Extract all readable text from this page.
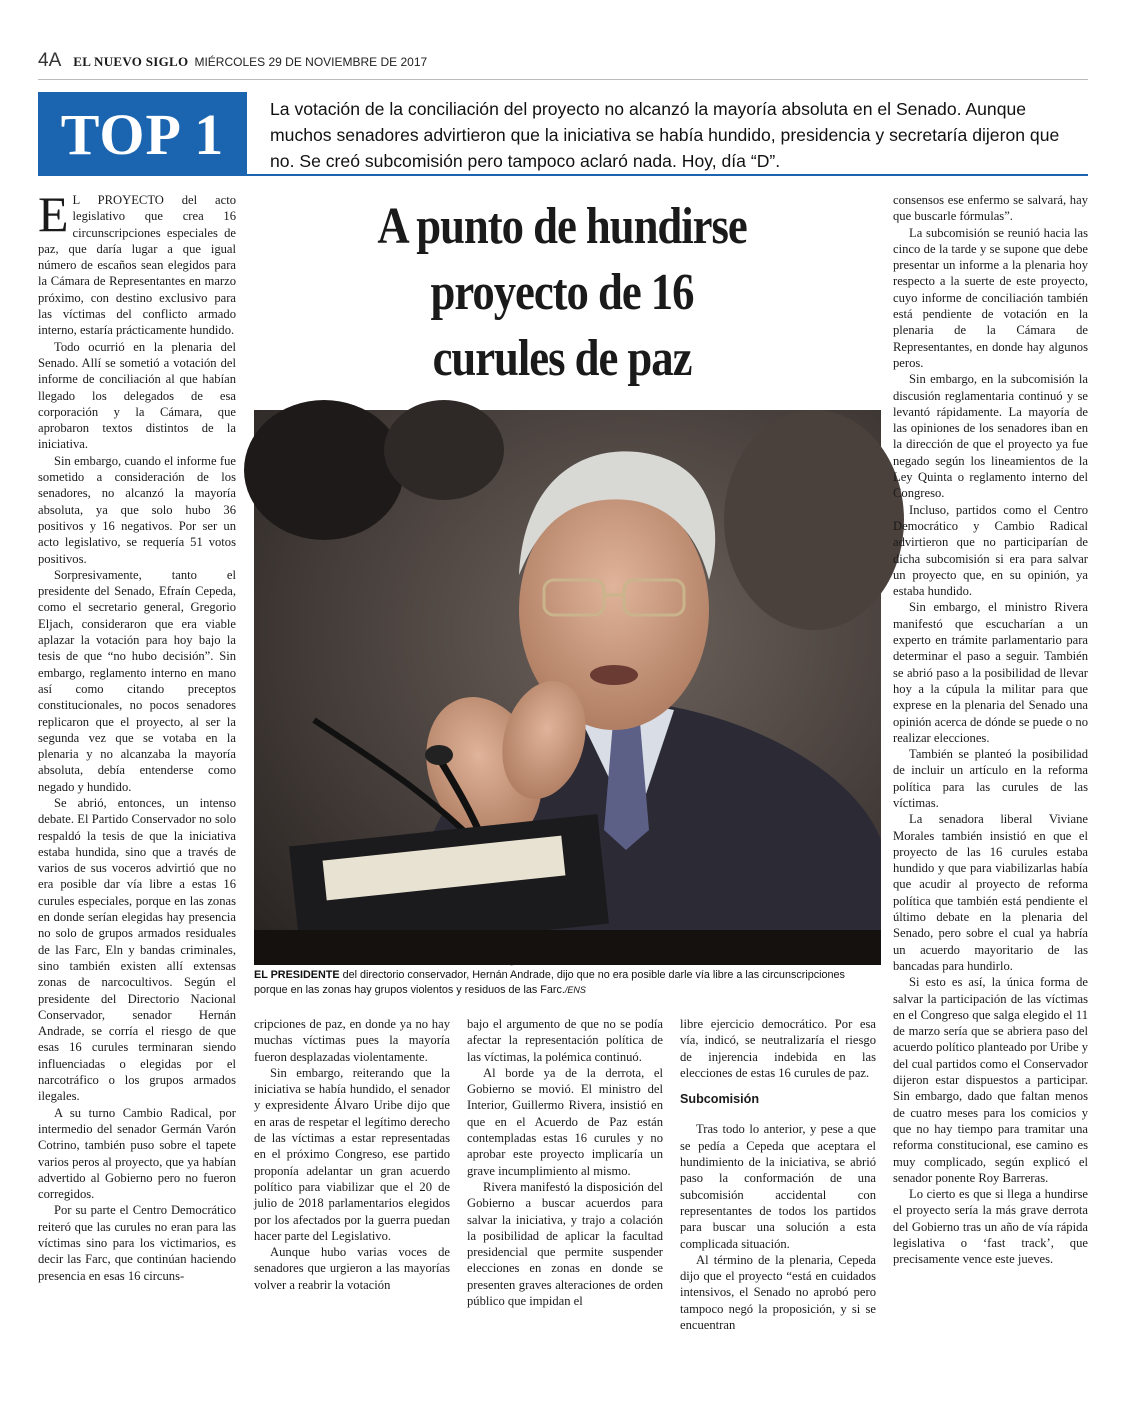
4A EL NUEVO SIGLO MIÉRCOLES 29 DE NOVIEMBRE DE 2017
TOP 1	La votación de la conciliación del proyecto no alcanzó la mayoría absoluta en el Senado. Aunque muchos senadores advirtieron que la iniciativa se había hundido, presidencia y secretaría dijeron que no. Se creó subcomisión pero tampoco aclaró nada. Hoy, día “D”.
A punto de hundirse
proyecto de 16
curules de paz

EL PRESIDENTE del directorio conservador, Hernán Andrade, dijo que no era posible darle vía libre a las circunscripciones porque en las zonas hay grupos violentos y residuos de las Farc./ENS

E L PROYECTO del acto legislativo que crea 16 circunscripciones especiales de paz, que daría lugar a que igual número de escaños sean elegidos para la Cámara de Representantes en marzo próximo, con destino exclusivo para las víctimas del conflicto armado interno, estaría prácticamente hundido.

Todo ocurrió en la plenaria del Senado. Allí se sometió a votación del informe de conciliación al que habían llegado los delegados de esa corporación y la Cámara, que aprobaron textos distintos de la iniciativa.

Sin embargo, cuando el informe fue sometido a consideración de los senadores, no alcanzó la mayoría absoluta, ya que solo hubo 36 positivos y 16 negativos. Por ser un acto legislativo, se requería 51 votos positivos.

Sorpresivamente, tanto el presidente del Senado, Efraín Cepeda, como el secretario general, Gregorio Eljach, consideraron que era viable aplazar la votación para hoy bajo la tesis de que “no hubo decisión”. Sin embargo, reglamento interno en mano así como citando preceptos constitucionales, no pocos senadores replicaron que el proyecto, al ser la segunda vez que se votaba en la plenaria y no alcanzaba la mayoría absoluta, debía entenderse como negado y hundido.

Se abrió, entonces, un intenso debate. El Partido Conservador no solo respaldó la tesis de que la iniciativa estaba hundida, sino que a través de varios de sus voceros advirtió que no era posible dar vía libre a estas 16 curules especiales, porque en las zonas en donde serían elegidas hay presencia no solo de grupos armados residuales de las Farc, Eln y bandas criminales, sino también existen allí extensas zonas de narcocultivos. Según el presidente del Directorio Nacional Conservador, senador Hernán Andrade, se corría el riesgo de que esas 16 curules terminaran siendo influenciadas o elegidas por el narcotráfico o los grupos armados ilegales.

A su turno Cambio Radical, por intermedio del senador Germán Varón Cotrino, también puso sobre el tapete varios peros al proyecto, que ya habían advertido al Gobierno pero no fueron corregidos.

Por su parte el Centro Democrático reiteró que las curules no eran para las víctimas sino para los victimarios, es decir las Farc, que continúan haciendo presencia en esas 16 circuns-

cripciones de paz, en donde ya no hay muchas víctimas pues la mayoría fueron desplazadas violentamente.

Sin embargo, reiterando que la iniciativa se había hundido, el senador y expresidente Álvaro Uribe dijo que en aras de respetar el legítimo derecho de las víctimas a estar representadas en el próximo Congreso, ese partido proponía adelantar un gran acuerdo político para viabilizar que el 20 de julio de 2018 parlamentarios elegidos por los afectados por la guerra puedan hacer parte del Legislativo.

Aunque hubo varias voces de senadores que urgieron a las mayorías volver a reabrir la votación

bajo el argumento de que no se podía afectar la representación política de las víctimas, la polémica continuó.

Al borde ya de la derrota, el Gobierno se movió. El ministro del Interior, Guillermo Rivera, insistió en que en el Acuerdo de Paz están contempladas estas 16 curules y no aprobar este proyecto implicaría un grave incumplimiento al mismo.

Rivera manifestó la disposición del Gobierno a buscar acuerdos para salvar la iniciativa, y trajo a colación la posibilidad de aplicar la facultad presidencial que permite suspender elecciones en zonas en donde se presenten graves alteraciones de orden público que impidan el

libre ejercicio democrático. Por esa vía, indicó, se neutralizaría el riesgo de injerencia indebida en las elecciones de estas 16 curules de paz.

Subcomisión

Tras todo lo anterior, y pese a que se pedía a Cepeda que aceptara el hundimiento de la iniciativa, se abrió paso la conformación de una subcomisión accidental con representantes de todos los partidos para buscar una solución a esta complicada situación.

Al término de la plenaria, Cepeda dijo que el proyecto “está en cuidados intensivos, el Senado no aprobó pero tampoco negó la proposición, y si se encuentran

consensos ese enfermo se salvará, hay que buscarle fórmulas”.

La subcomisión se reunió hacia las cinco de la tarde y se supone que debe presentar un informe a la plenaria hoy respecto a la suerte de este proyecto, cuyo informe de conciliación también está pendiente de votación en la plenaria de la Cámara de Representantes, en donde hay algunos peros.

Sin embargo, en la subcomisión la discusión reglamentaria continuó y se levantó rápidamente. La mayoría de las opiniones de los senadores iban en la dirección de que el proyecto ya fue negado según los lineamientos de la Ley Quinta o reglamento interno del Congreso.

Incluso, partidos como el Centro Democrático y Cambio Radical advirtieron que no participarían de dicha subcomisión si era para salvar un proyecto que, en su opinión, ya estaba hundido.

Sin embargo, el ministro Rivera manifestó que escucharían a un experto en trámite parlamentario para determinar el paso a seguir. También se abrió paso a la posibilidad de llevar hoy a la cúpula la militar para que exprese en la plenaria del Senado una opinión acerca de dónde se puede o no realizar elecciones.

También se planteó la posibilidad de incluir un artículo en la reforma política para las curules de las víctimas.

La senadora liberal Viviane Morales también insistió en que el proyecto de las 16 curules estaba hundido y que para viabilizarlas había que acudir al proyecto de reforma política que también está pendiente el último debate en la plenaria del Senado, pero sobre el cual ya habría un acuerdo mayoritario de las bancadas para hundirlo.

Si esto es así, la única forma de salvar la participación de las víctimas en el Congreso que salga elegido el 11 de marzo sería que se abriera paso del acuerdo político planteado por Uribe y del cual partidos como el Conservador dijeron estar dispuestos a participar. Sin embargo, dado que faltan menos de cuatro meses para los comicios y que no hay tiempo para tramitar una reforma constitucional, ese camino es muy complicado, según explicó el senador ponente Roy Barreras.

Lo cierto es que si llega a hundirse el proyecto sería la más grave derrota del Gobierno tras un año de vía rápida legislativa o ‘fast track’, que precisamente vence este jueves.
